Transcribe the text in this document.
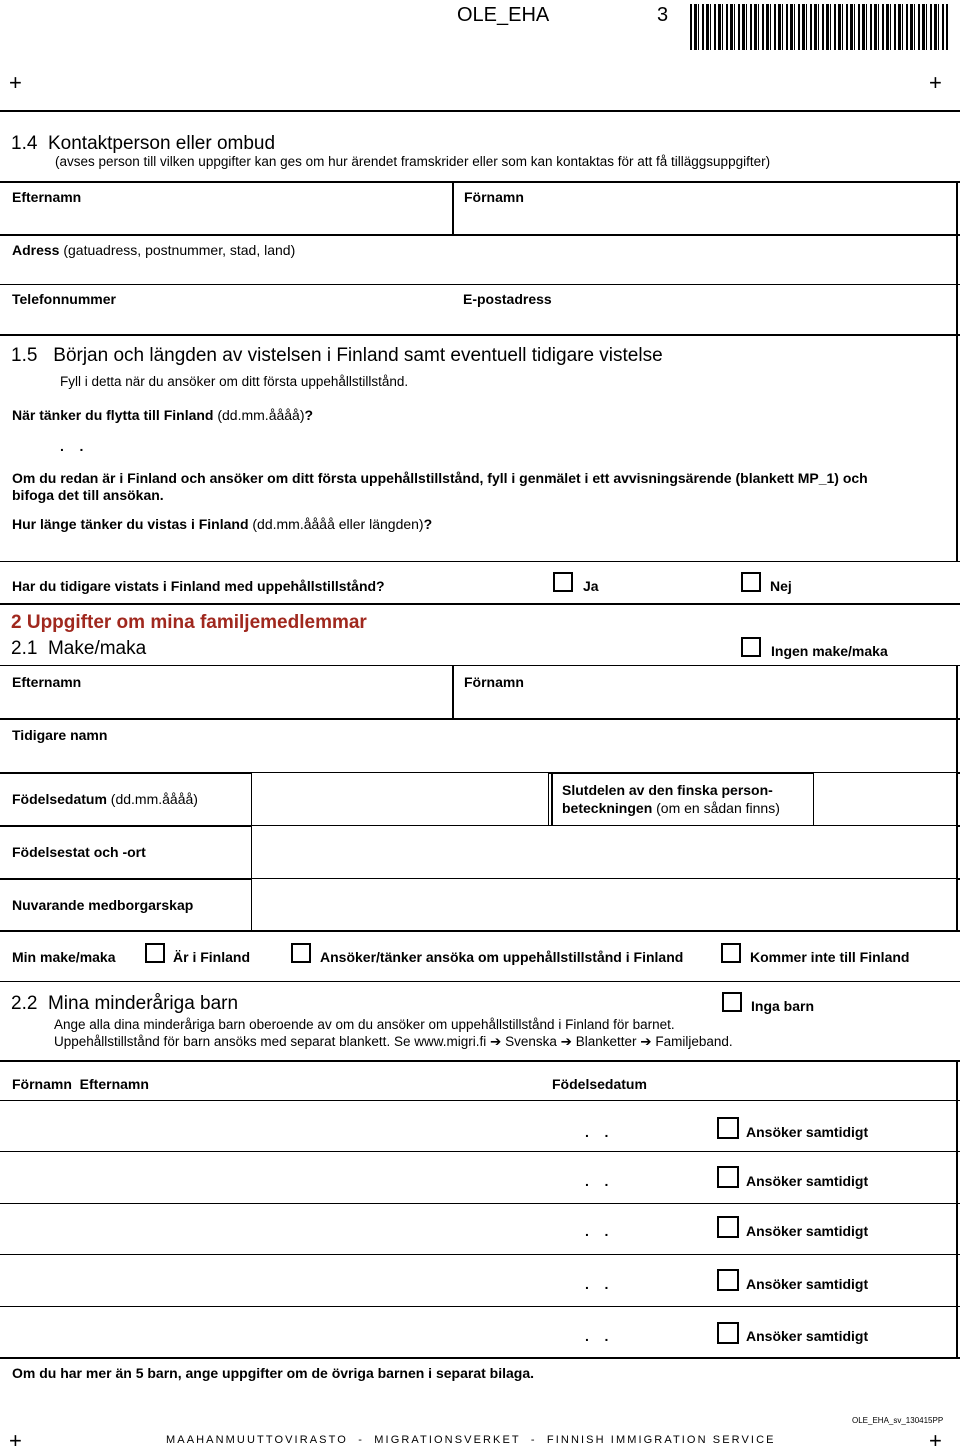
OLE_EHA	3
+	+
1.4 Kontaktperson eller ombud
(avses person till vilken uppgifter kan ges om hur ärendet framskrider eller som kan kontaktas för att få tilläggsuppgifter)
Efternamn	Förnamn
Adress (gatuadress, postnummer, stad, land)
Telefonnummer	E-postadress
1.5 Början och längden av vistelsen i Finland samt eventuell tidigare vistelse
Fyll i detta när du ansöker om ditt första uppehållstillstånd.
När tänker du flytta till Finland (dd.mm.åååå)?
.    .
Om du redan är i Finland och ansöker om ditt första uppehållstillstånd, fyll i genmälet i ett avvisningsärende (blankett MP_1) och
bifoga det till ansökan.
Hur länge tänker du vistas i Finland (dd.mm.åååå eller längden)?
Har du tidigare vistats i Finland med uppehållstillstånd?	Ja	Nej
2 Uppgifter om mina familjemedlemmar
2.1 Make/maka	Ingen make/maka
Efternamn	Förnamn
Tidigare namn
Födelsedatum (dd.mm.åååå)
Slutdelen av den finska person-
beteckningen (om en sådan finns)
Födelsestat och -ort
Nuvarande medborgarskap
Min make/maka	Är i Finland	Ansöker/tänker ansöka om uppehållstillstånd i Finland	Kommer inte till Finland
2.2 Mina minderåriga barn	Inga barn
Ange alla dina minderåriga barn oberoende av om du ansöker om uppehållstillstånd i Finland för barnet.
Uppehållstillstånd för barn ansöks med separat blankett. Se www.migri.fi ➔ Svenska ➔ Blanketter ➔ Familjeband.
Förnamn  Efternamn	Födelsedatum
.    .	Ansöker samtidigt
.    .	Ansöker samtidigt
.    .	Ansöker samtidigt
.    .	Ansöker samtidigt
.    .	Ansöker samtidigt
Om du har mer än 5 barn, ange uppgifter om de övriga barnen i separat bilaga.
OLE_EHA_sv_130415PP
+	+
MAAHANMUUTTOVIRASTO  -  MIGRATIONSVERKET  -  FINNISH IMMIGRATION SERVICE
